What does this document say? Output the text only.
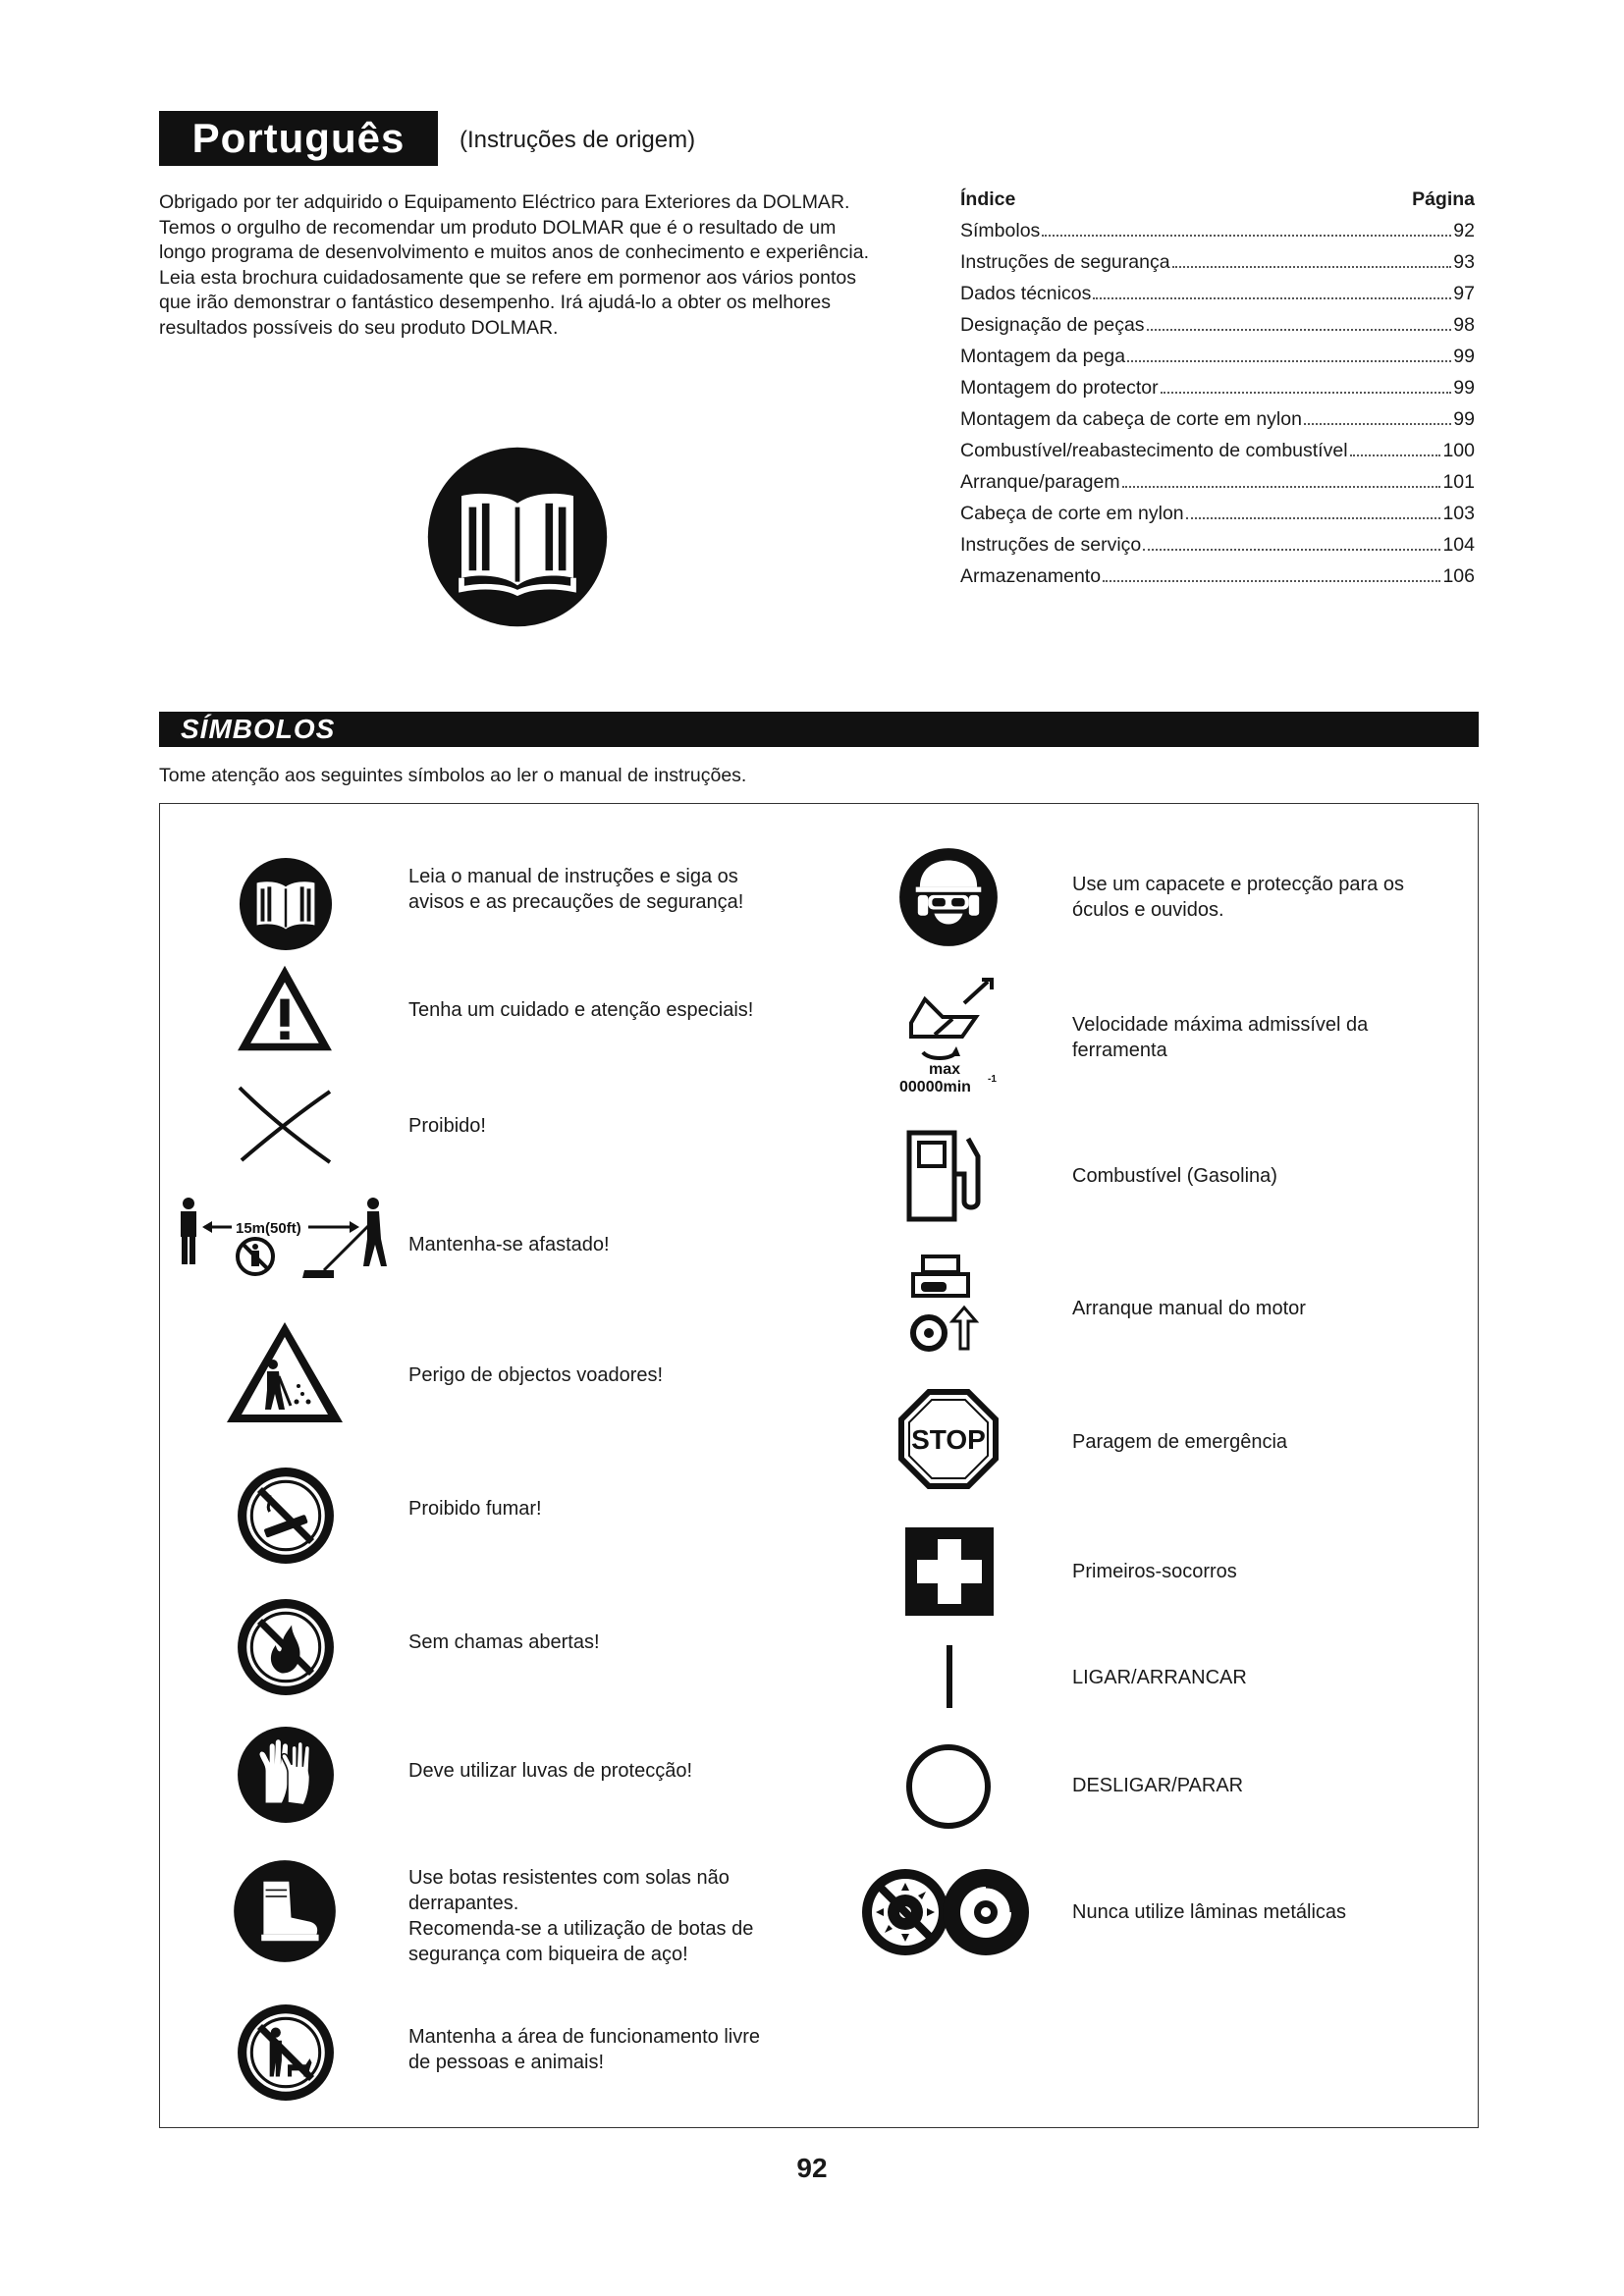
Português (Instruções de origem)

Obrigado por ter adquirido o Equipamento Eléctrico para Exteriores da DOLMAR. Temos o orgulho de recomendar um produto DOLMAR que é o resultado de um longo programa de desenvolvimento e muitos anos de conhecimento e experiência.

Leia esta brochura cuidadosamente que se refere em pormenor aos vários pontos que irão demonstrar o fantástico desempenho. Irá ajudá-lo a obter os melhores resultados possíveis do seu produto DOLMAR.

Índice	Página
Símbolos	92
Instruções de segurança	93
Dados técnicos	97
Designação de peças	98
Montagem da pega	99
Montagem do protector	99
Montagem da cabeça de corte em nylon	99
Combustível/reabastecimento de combustível	100
Arranque/paragem	101
Cabeça de corte em nylon	103
Instruções de serviço	104
Armazenamento	106
SÍMBOLOS
Tome atenção aos seguintes símbolos ao ler o manual de instruções.
Leia o manual de instruções e siga os
avisos e as precauções de segurança!
Tenha um cuidado e atenção especiais!
Proibido!
15m(50ft)
Mantenha-se afastado!
Perigo de objectos voadores!
Proibido fumar!
Sem chamas abertas!
Deve utilizar luvas de protecção!
Use botas resistentes com solas não
derrapantes.
Recomenda-se a utilização de botas de
segurança com biqueira de aço!
Mantenha a área de funcionamento livre
de pessoas e animais!
Use um capacete e protecção para os
óculos e ouvidos.
max
00000min -1
Velocidade máxima admissível da
ferramenta
Combustível (Gasolina)
Arranque manual do motor
STOP	Paragem de emergência
Primeiros-socorros
LIGAR/ARRANCAR
DESLIGAR/PARAR
Nunca utilize lâminas metálicas
92
